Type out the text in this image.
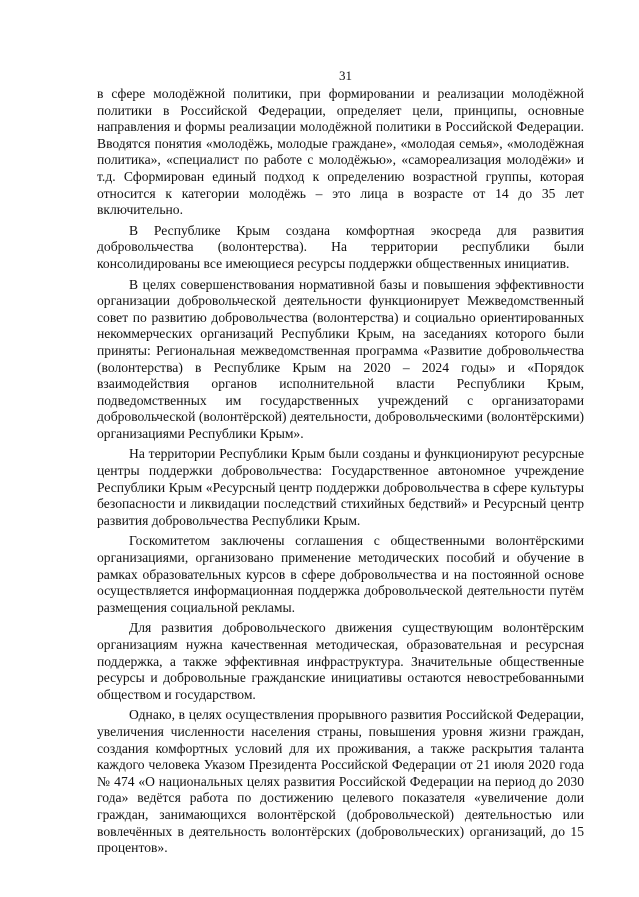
31

в сфере молодёжной политики, при формировании и реализации молодёжной политики в Российской Федерации, определяет цели, принципы, основные направления и формы реализации молодёжной политики в Российской Федерации. Вводятся понятия «молодёжь, молодые граждане», «молодая семья», «молодёжная политика», «специалист по работе с молодёжью», «самореализация молодёжи» и т.д. Сформирован единый подход к определению возрастной группы, которая относится к категории молодёжь – это лица в возрасте от 14 до 35 лет включительно.

В Республике Крым создана комфортная экосреда для развития добровольчества (волонтерства). На территории республики были консолидированы все имеющиеся ресурсы поддержки общественных инициатив.

В целях совершенствования нормативной базы и повышения эффективности организации добровольческой деятельности функционирует Межведомственный совет по развитию добровольчества (волонтерства) и социально ориентированных некоммерческих организаций Республики Крым, на заседаниях которого были приняты: Региональная межведомственная программа «Развитие добровольчества (волонтерства) в Республике Крым на 2020 – 2024 годы» и «Порядок взаимодействия органов исполнительной власти Республики Крым, подведомственных им государственных учреждений с организаторами добровольческой (волонтёрской) деятельности, добровольческими (волонтёрскими) организациями Республики Крым».

На территории Республики Крым были созданы и функционируют ресурсные центры поддержки добровольчества: Государственное автономное учреждение Республики Крым «Ресурсный центр поддержки добровольчества в сфере культуры безопасности и ликвидации последствий стихийных бедствий» и Ресурсный центр развития добровольчества Республики Крым.

Госкомитетом заключены соглашения с общественными волонтёрскими организациями, организовано применение методических пособий и обучение в рамках образовательных курсов в сфере добровольчества и на постоянной основе осуществляется информационная поддержка добровольческой деятельности путём размещения социальной рекламы.

Для развития добровольческого движения существующим волонтёрским организациям нужна качественная методическая, образовательная и ресурсная поддержка, а также эффективная инфраструктура. Значительные общественные ресурсы и добровольные гражданские инициативы остаются невостребованными обществом и государством.

Однако, в целях осуществления прорывного развития Российской Федерации, увеличения численности населения страны, повышения уровня жизни граждан, создания комфортных условий для их проживания, а также раскрытия таланта каждого человека Указом Президента Российской Федерации от 21 июля 2020 года № 474 «О национальных целях развития Российской Федерации на период до 2030 года» ведётся работа по достижению целевого показателя «увеличение доли граждан, занимающихся волонтёрской (добровольческой) деятельностью или вовлечённых в деятельность волонтёрских (добровольческих) организаций, до 15 процентов».
